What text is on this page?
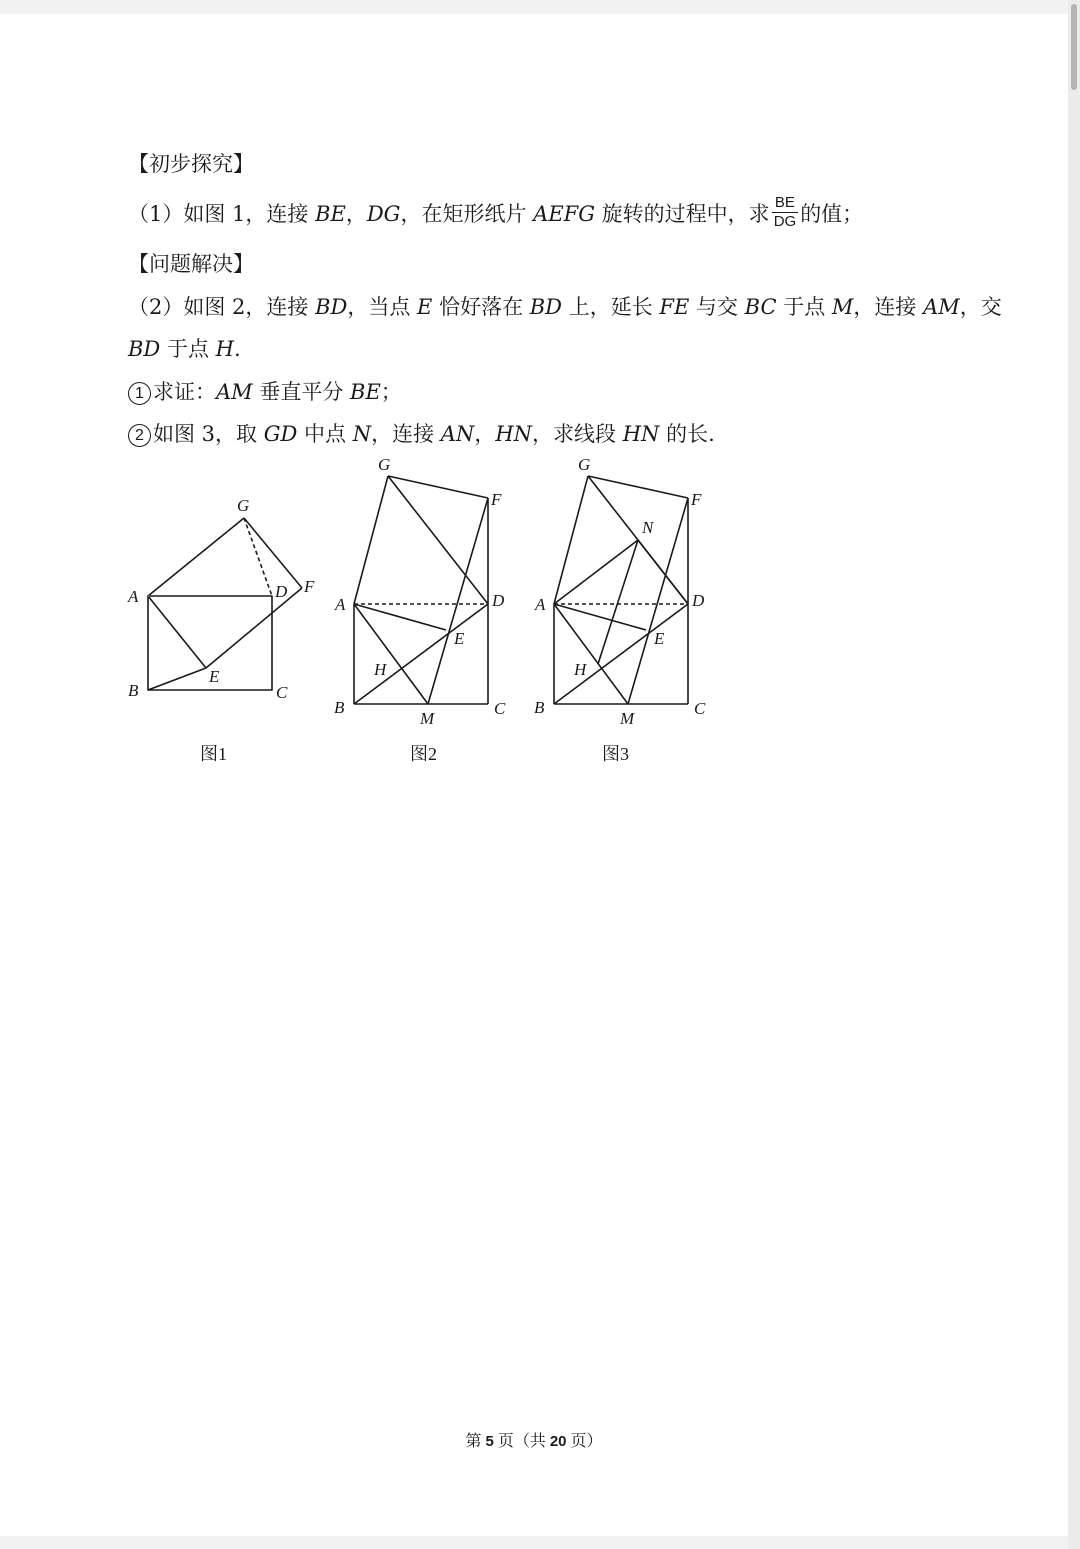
【初步探究】
（1）如图 1，连接 BE，DG，在矩形纸片 AEFG 旋转的过程中，求 $\frac{BE}{DG}$ 的值；
【问题解决】
（2）如图 2，连接 BD，当点 E 恰好落在 BD 上，延长 FE 与交 BC 于点 M，连接 AM，交
BD 于点 H.
1 求证：AM 垂直平分 BE；
2 如图 3，取 GD 中点 N，连接 AN，HN，求线段 HN 的长.
A
B	C
D
E
F
G
图1
A
B	C
D
E
F
G
H
M
图2
A
B	C
D
E
F
G
H
M
N
图3
第 5 页（共 20 页）
